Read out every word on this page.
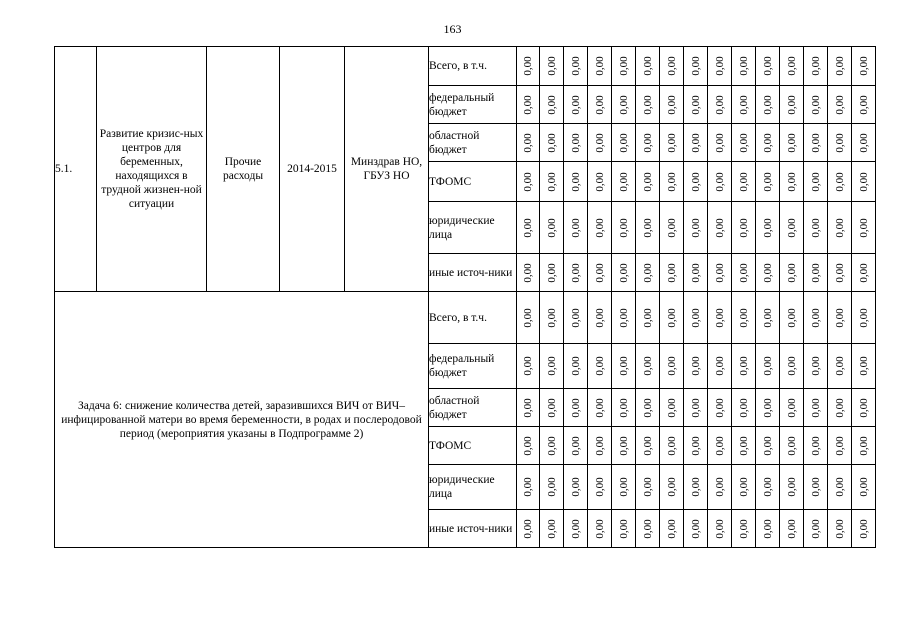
163
5.1.	Развитие кризис-ных центров для беременных, находящихся в трудной жизнен-ной ситуации	Прочие расходы	2014-2015	Минздрав НО, ГБУЗ НО	Всего, в т.ч.	0,00	0,00	0,00	0,00	0,00	0,00	0,00	0,00	0,00	0,00	0,00	0,00	0,00	0,00	0,00

					федеральный бюджет	0,00	0,00	0,00	0,00	0,00	0,00	0,00	0,00	0,00	0,00	0,00	0,00	0,00	0,00	0,00

					областной бюджет	0,00	0,00	0,00	0,00	0,00	0,00	0,00	0,00	0,00	0,00	0,00	0,00	0,00	0,00	0,00

					ТФОМС	0,00	0,00	0,00	0,00	0,00	0,00	0,00	0,00	0,00	0,00	0,00	0,00	0,00	0,00	0,00

					юридические лица	0,00	0,00	0,00	0,00	0,00	0,00	0,00	0,00	0,00	0,00	0,00	0,00	0,00	0,00	0,00

					иные источ-ники	0,00	0,00	0,00	0,00	0,00	0,00	0,00	0,00	0,00	0,00	0,00	0,00	0,00	0,00	0,00

Задача 6: снижение количества детей, заразившихся ВИЧ от ВИЧ–инфицированной матери во время беременности, в родах и послеродовой период (мероприятия указаны в Подпрограмме 2)					Всего, в т.ч.	0,00	0,00	0,00	0,00	0,00	0,00	0,00	0,00	0,00	0,00	0,00	0,00	0,00	0,00	0,00

					федеральный бюджет	0,00	0,00	0,00	0,00	0,00	0,00	0,00	0,00	0,00	0,00	0,00	0,00	0,00	0,00	0,00

					областной бюджет	0,00	0,00	0,00	0,00	0,00	0,00	0,00	0,00	0,00	0,00	0,00	0,00	0,00	0,00	0,00

					ТФОМС	0,00	0,00	0,00	0,00	0,00	0,00	0,00	0,00	0,00	0,00	0,00	0,00	0,00	0,00	0,00

					юридические лица	0,00	0,00	0,00	0,00	0,00	0,00	0,00	0,00	0,00	0,00	0,00	0,00	0,00	0,00	0,00

					иные источ-ники	0,00	0,00	0,00	0,00	0,00	0,00	0,00	0,00	0,00	0,00	0,00	0,00	0,00	0,00	0,00
